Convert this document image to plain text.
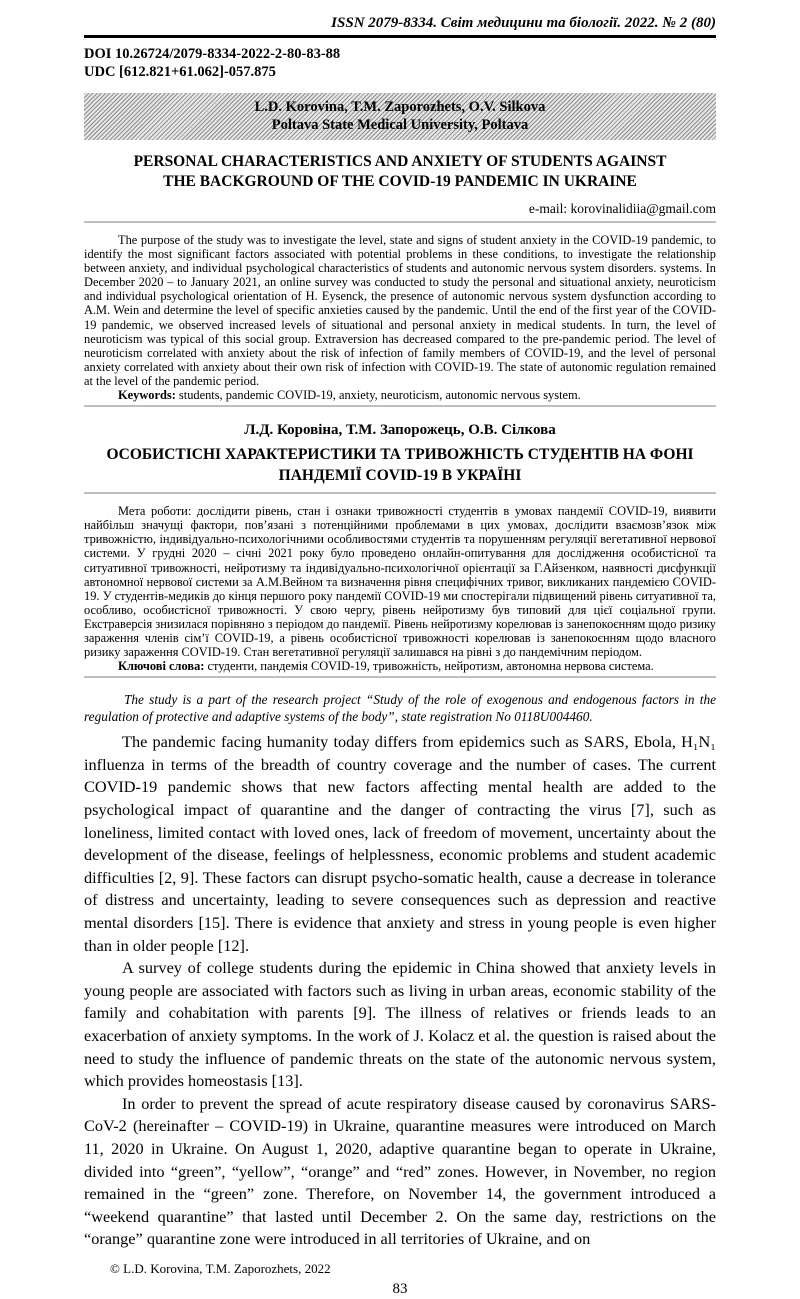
ISSN 2079-8334. Світ медицини та біології. 2022. № 2 (80)
DOI 10.26724/2079-8334-2022-2-80-83-88
UDC [612.821+61.062]-057.875
L.D. Korovina, T.M. Zaporozhets, O.V. Silkova
Poltava State Medical University, Poltava
PERSONAL CHARACTERISTICS AND ANXIETY OF STUDENTS AGAINST THE BACKGROUND OF THE COVID-19 PANDEMIC IN UKRAINE
e-mail: korovinalidiia@gmail.com

The purpose of the study was to investigate the level, state and signs of student anxiety in the COVID-19 pandemic, to identify the most significant factors associated with potential problems in these conditions, to investigate the relationship between anxiety, and individual psychological characteristics of students and autonomic nervous system disorders. systems. In December 2020 – to January 2021, an online survey was conducted to study the personal and situational anxiety, neuroticism and individual psychological orientation of H. Eysenck, the presence of autonomic nervous system dysfunction according to A.M. Wein and determine the level of specific anxieties caused by the pandemic. Until the end of the first year of the COVID-19 pandemic, we observed increased levels of situational and personal anxiety in medical students. In turn, the level of neuroticism was typical of this social group. Extraversion has decreased compared to the pre-pandemic period. The level of neuroticism correlated with anxiety about the risk of infection of family members of COVID-19, and the level of personal anxiety correlated with anxiety about their own risk of infection with COVID-19. The state of autonomic regulation remained at the level of the pandemic period.

Keywords: students, pandemic COVID-19, anxiety, neuroticism, autonomic nervous system.

Л.Д. Коровіна, Т.М. Запорожець, О.В. Сілкова
ОСОБИСТІСНІ ХАРАКТЕРИСТИКИ ТА ТРИВОЖНІСТЬ СТУДЕНТІВ НА ФОНІ ПАНДЕМІЇ COVID-19 В УКРАЇНІ

Мета роботи: дослідити рівень, стан і ознаки тривожності студентів в умовах пандемії COVID-19, виявити найбільш значущі фактори, пов’язані з потенційними проблемами в цих умовах, дослідити взаємозв’язок між тривожністю, індивідуально-психологічними особливостями студентів та порушенням регуляції вегетативної нервової системи. У грудні 2020 – січні 2021 року було проведено онлайн-опитування для дослідження особистісної та ситуативної тривожності, нейротизму та індивідуально-психологічної орієнтації за Г.Айзенком, наявності дисфункції автономної нервової системи за А.М.Вейном та визначення рівня специфічних тривог, викликаних пандемією COVID-19. У студентів-медиків до кінця першого року пандемії COVID-19 ми спостерігали підвищений рівень ситуативної та, особливо, особистісної тривожності. У свою чергу, рівень нейротизму був типовий для цієї соціальної групи. Екстраверсія знизилася порівняно з періодом до пандемії. Рівень нейротизму корелював із занепокоєнням щодо ризику зараження членів сім’ї COVID-19, а рівень особистісної тривожності корелював із занепокоєнням щодо власного ризику зараження COVID-19. Стан вегетативної регуляції залишався на рівні з до пандемічним періодом.

Ключові слова: студенти, пандемія COVID-19, тривожність, нейротизм, автономна нервова система.

The study is a part of the research project “Study of the role of exogenous and endogenous factors in the regulation of protective and adaptive systems of the body”, state registration No 0118U004460.

The pandemic facing humanity today differs from epidemics such as SARS, Ebola, H₁N₁ influenza in terms of the breadth of country coverage and the number of cases. The current COVID-19 pandemic shows that new factors affecting mental health are added to the psychological impact of quarantine and the danger of contracting the virus [7], such as loneliness, limited contact with loved ones, lack of freedom of movement, uncertainty about the development of the disease, feelings of helplessness, economic problems and student academic difficulties [2, 9]. These factors can disrupt psycho-somatic health, cause a decrease in tolerance of distress and uncertainty, leading to severe consequences such as depression and reactive mental disorders [15]. There is evidence that anxiety and stress in young people is even higher than in older people [12].

A survey of college students during the epidemic in China showed that anxiety levels in young people are associated with factors such as living in urban areas, economic stability of the family and cohabitation with parents [9]. The illness of relatives or friends leads to an exacerbation of anxiety symptoms. In the work of J. Kolacz et al. the question is raised about the need to study the influence of pandemic threats on the state of the autonomic nervous system, which provides homeostasis [13].

In order to prevent the spread of acute respiratory disease caused by coronavirus SARS-CoV-2 (hereinafter – COVID-19) in Ukraine, quarantine measures were introduced on March 11, 2020 in Ukraine. On August 1, 2020, adaptive quarantine began to operate in Ukraine, divided into “green”, “yellow”, “orange” and “red” zones. However, in November, no region remained in the “green” zone. Therefore, on November 14, the government introduced a “weekend quarantine” that lasted until December 2. On the same day, restrictions on the “orange” quarantine zone were introduced in all territories of Ukraine, and on

© L.D. Korovina, T.M. Zaporozhets, 2022
83
